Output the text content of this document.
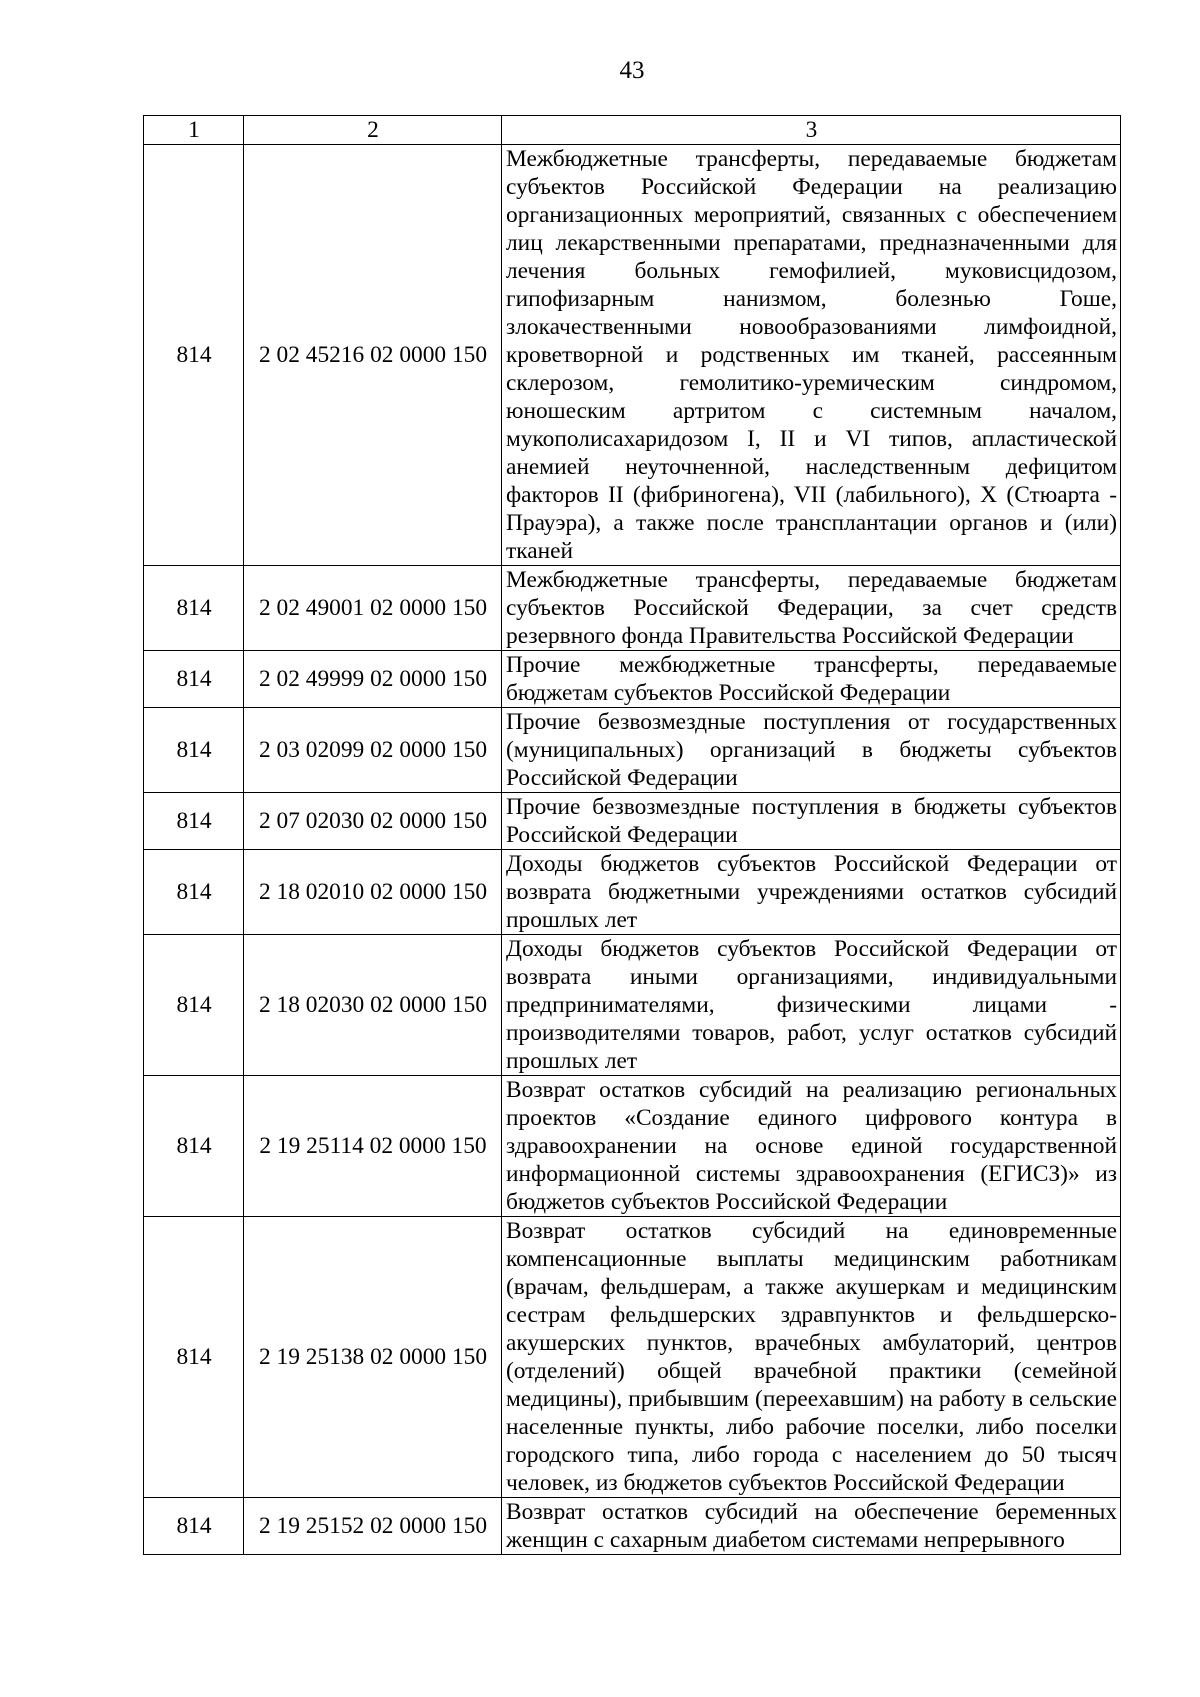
43
1	2	3
814	2 02 45216 02 0000 150	Межбюджетные трансферты, передаваемые бюджетам субъектов Российской Федерации на реализацию организационных мероприятий, связанных с обеспечением лиц лекарственными препаратами, предназначенными для лечения больных гемофилией, муковисцидозом, гипофизарным нанизмом, болезнью Гоше, злокачественными новообразованиями лимфоидной, кроветворной и родственных им тканей, рассеянным склерозом, гемолитико-уремическим синдромом, юношеским артритом с системным началом, мукополисахаридозом I, II и VI типов, апластической анемией неуточненной, наследственным дефицитом факторов II (фибриногена), VII (лабильного), X (Стюарта - Прауэра), а также после трансплантации органов и (или) тканей
814	2 02 49001 02 0000 150	Межбюджетные трансферты, передаваемые бюджетам субъектов Российской Федерации, за счет средств резервного фонда Правительства Российской Федерации
814	2 02 49999 02 0000 150	Прочие межбюджетные трансферты, передаваемые бюджетам субъектов Российской Федерации
814	2 03 02099 02 0000 150	Прочие безвозмездные поступления от государственных (муниципальных) организаций в бюджеты субъектов Российской Федерации
814	2 07 02030 02 0000 150	Прочие безвозмездные поступления в бюджеты субъектов Российской Федерации
814	2 18 02010 02 0000 150	Доходы бюджетов субъектов Российской Федерации от возврата бюджетными учреждениями остатков субсидий прошлых лет
814	2 18 02030 02 0000 150	Доходы бюджетов субъектов Российской Федерации от возврата иными организациями, индивидуальными предпринимателями, физическими лицами - производителями товаров, работ, услуг остатков субсидий прошлых лет
814	2 19 25114 02 0000 150	Возврат остатков субсидий на реализацию региональных проектов «Создание единого цифрового контура в здравоохранении на основе единой государственной информационной системы здравоохранения (ЕГИСЗ)» из бюджетов субъектов Российской Федерации
814	2 19 25138 02 0000 150	Возврат остатков субсидий на единовременные компенсационные выплаты медицинским работникам (врачам, фельдшерам, а также акушеркам и медицинским сестрам фельдшерских здравпунктов и фельдшерско-акушерских пунктов, врачебных амбулаторий, центров (отделений) общей врачебной практики (семейной медицины), прибывшим (переехавшим) на работу в сельские населенные пункты, либо рабочие поселки, либо поселки городского типа, либо города с населением до 50 тысяч человек, из бюджетов субъектов Российской Федерации
814	2 19 25152 02 0000 150	Возврат остатков субсидий на обеспечение беременных женщин с сахарным диабетом системами непрерывного
